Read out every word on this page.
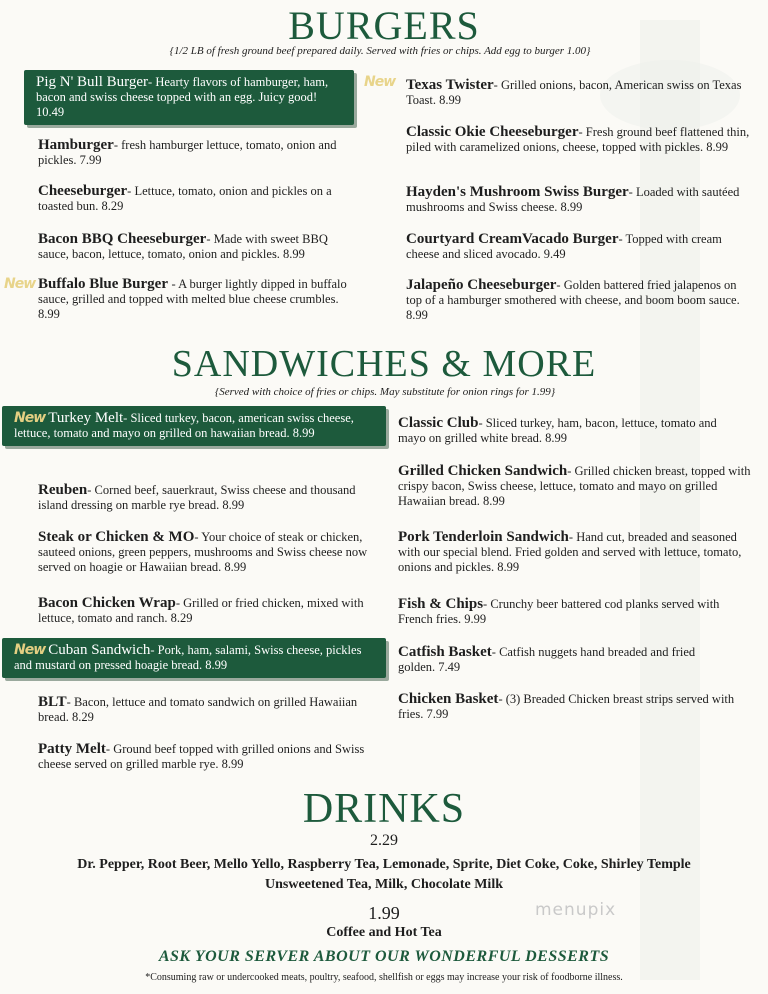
BURGERS
{1/2 LB of fresh ground beef prepared daily. Served with fries or chips. Add egg to burger 1.00}
Pig N' Bull Burger- Hearty flavors of hamburger, ham, bacon and swiss cheese topped with an egg. Juicy good! 10.49
Hamburger- fresh hamburger lettuce, tomato, onion and pickles. 7.99
Cheeseburger- Lettuce, tomato, onion and pickles on a toasted bun. 8.29
Bacon BBQ Cheeseburger- Made with sweet BBQ sauce, bacon, lettuce, tomato, onion and pickles. 8.99
New Buffalo Blue Burger - A burger lightly dipped in buffalo sauce, grilled and topped with melted blue cheese crumbles. 8.99
New Texas Twister- Grilled onions, bacon, American swiss on Texas Toast. 8.99
Classic Okie Cheeseburger- Fresh ground beef flattened thin, piled with caramelized onions, cheese, topped with pickles. 8.99
Hayden's Mushroom Swiss Burger- Loaded with sautéed mushrooms and Swiss cheese. 8.99
Courtyard CreamVacado Burger- Topped with cream cheese and sliced avocado. 9.49
Jalapeño Cheeseburger- Golden battered fried jalapenos on top of a hamburger smothered with cheese, and boom boom sauce. 8.99
SANDWICHES & MORE
{Served with choice of fries or chips. May substitute for onion rings for 1.99}
New Turkey Melt- Sliced turkey, bacon, american swiss cheese, lettuce, tomato and mayo on grilled on hawaiian bread. 8.99
Reuben- Corned beef, sauerkraut, Swiss cheese and thousand island dressing on marble rye bread. 8.99
Steak or Chicken & MO- Your choice of steak or chicken, sauteed onions, green peppers, mushrooms and Swiss cheese now served on hoagie or Hawaiian bread. 8.99
Bacon Chicken Wrap- Grilled or fried chicken, mixed with lettuce, tomato and ranch. 8.29
New Cuban Sandwich- Pork, ham, salami, Swiss cheese, pickles and mustard on pressed hoagie bread. 8.99
BLT- Bacon, lettuce and tomato sandwich on grilled Hawaiian bread. 8.29
Patty Melt- Ground beef topped with grilled onions and Swiss cheese served on grilled marble rye. 8.99
Classic Club- Sliced turkey, ham, bacon, lettuce, tomato and mayo on grilled white bread. 8.99
Grilled Chicken Sandwich- Grilled chicken breast, topped with crispy bacon, Swiss cheese, lettuce, tomato and mayo on grilled Hawaiian bread. 8.99
Pork Tenderloin Sandwich- Hand cut, breaded and seasoned with our special blend. Fried golden and served with lettuce, tomato, onions and pickles. 8.99
Fish & Chips- Crunchy beer battered cod planks served with French fries. 9.99
Catfish Basket- Catfish nuggets hand breaded and fried golden. 7.49
Chicken Basket- (3) Breaded Chicken breast strips served with fries. 7.99
DRINKS
2.29
Dr. Pepper, Root Beer, Mello Yello, Raspberry Tea, Lemonade, Sprite, Diet Coke, Coke, Shirley Temple
Unsweetened Tea, Milk, Chocolate Milk
1.99
Coffee and Hot Tea
menupix
ASK YOUR SERVER ABOUT OUR WONDERFUL DESSERTS
*Consuming raw or undercooked meats, poultry, seafood, shellfish or eggs may increase your risk of foodborne illness.
